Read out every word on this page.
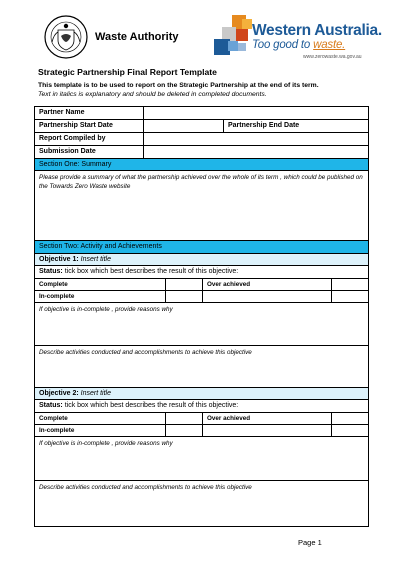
Waste Authority	Western Australia.
Too good to waste.
www.zerowaste.wa.gov.au
Strategic Partnership Final Report Template
This template is to be used to report on the Strategic Partnership at the end of its term.
Text in italics is explanatory and should be deleted in completed documents.
Partner Name
Partnership Start Date	Partnership End Date
Report Compiled by
Submission Date
Section One: Summary
Please provide a summary of what the partnership achieved over the whole of its term , which could be published on the Towards Zero Waste website
Section Two: Activity and Achievements
Objective 1: Insert title
Status: tick box which best describes the result of this objective:
Complete
In-complete
Over achieved
If objective is in-complete , provide reasons why
Describe activities conducted and accomplishments to achieve this objective
Objective 2: Insert title
Status: tick box which best describes the result of this objective:
Complete
In-complete
Over achieved
If objective is in-complete , provide reasons why
Describe activities conducted and accomplishments to achieve this objective
Page 1
